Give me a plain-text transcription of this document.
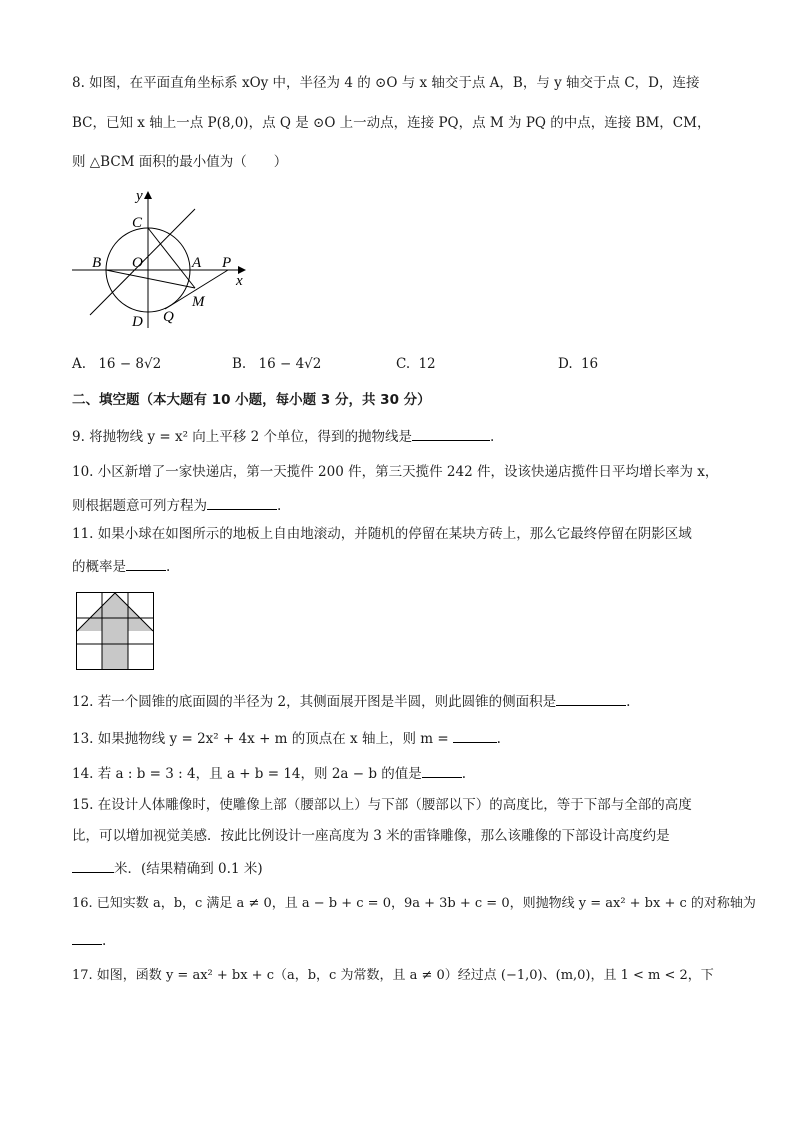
8. 如图，在平面直角坐标系 xOy 中，半径为 4 的 ⊙O 与 x 轴交于点 A，B，与 y 轴交于点 C，D，连接
BC，已知 x 轴上一点 P(8,0)，点 Q 是 ⊙O 上一动点，连接 PQ，点 M 为 PQ 的中点，连接 BM，CM，
则 △BCM 面积的最小值为（　　）
y
C
B O	A P
x
M
D Q
A. 16 − 8√2	B. 16 − 4√2	C. 12	D. 16
二、填空题（本大题有 10 小题，每小题 3 分，共 30 分）
9. 将抛物线 y = x² 向上平移 2 个单位，得到的抛物线是	.
10. 小区新增了一家快递店，第一天揽件 200 件，第三天揽件 242 件，设该快递店揽件日平均增长率为 x，
则根据题意可列方程为	.
11. 如果小球在如图所示的地板上自由地滚动，并随机的停留在某块方砖上，那么它最终停留在阴影区域
的概率是	.
12. 若一个圆锥的底面圆的半径为 2，其侧面展开图是半圆，则此圆锥的侧面积是	.
13. 如果抛物线 y = 2x² + 4x + m 的顶点在 x 轴上，则 m =	.
14. 若 a : b = 3 : 4，且 a + b = 14，则 2a − b 的值是	.
15. 在设计人体雕像时，使雕像上部（腰部以上）与下部（腰部以下）的高度比，等于下部与全部的高度
比，可以增加视觉美感．按此比例设计一座高度为 3 米的雷锋雕像，那么该雕像的下部设计高度约是
米．(结果精确到 0.1 米)
16. 已知实数 a，b，c 满足 a ≠ 0，且 a − b + c = 0，9a + 3b + c = 0，则抛物线 y = ax² + bx + c 的对称轴为
.
17. 如图，函数 y = ax² + bx + c（a，b，c 为常数，且 a ≠ 0）经过点 (−1,0)、(m,0)，且 1 < m < 2，下
